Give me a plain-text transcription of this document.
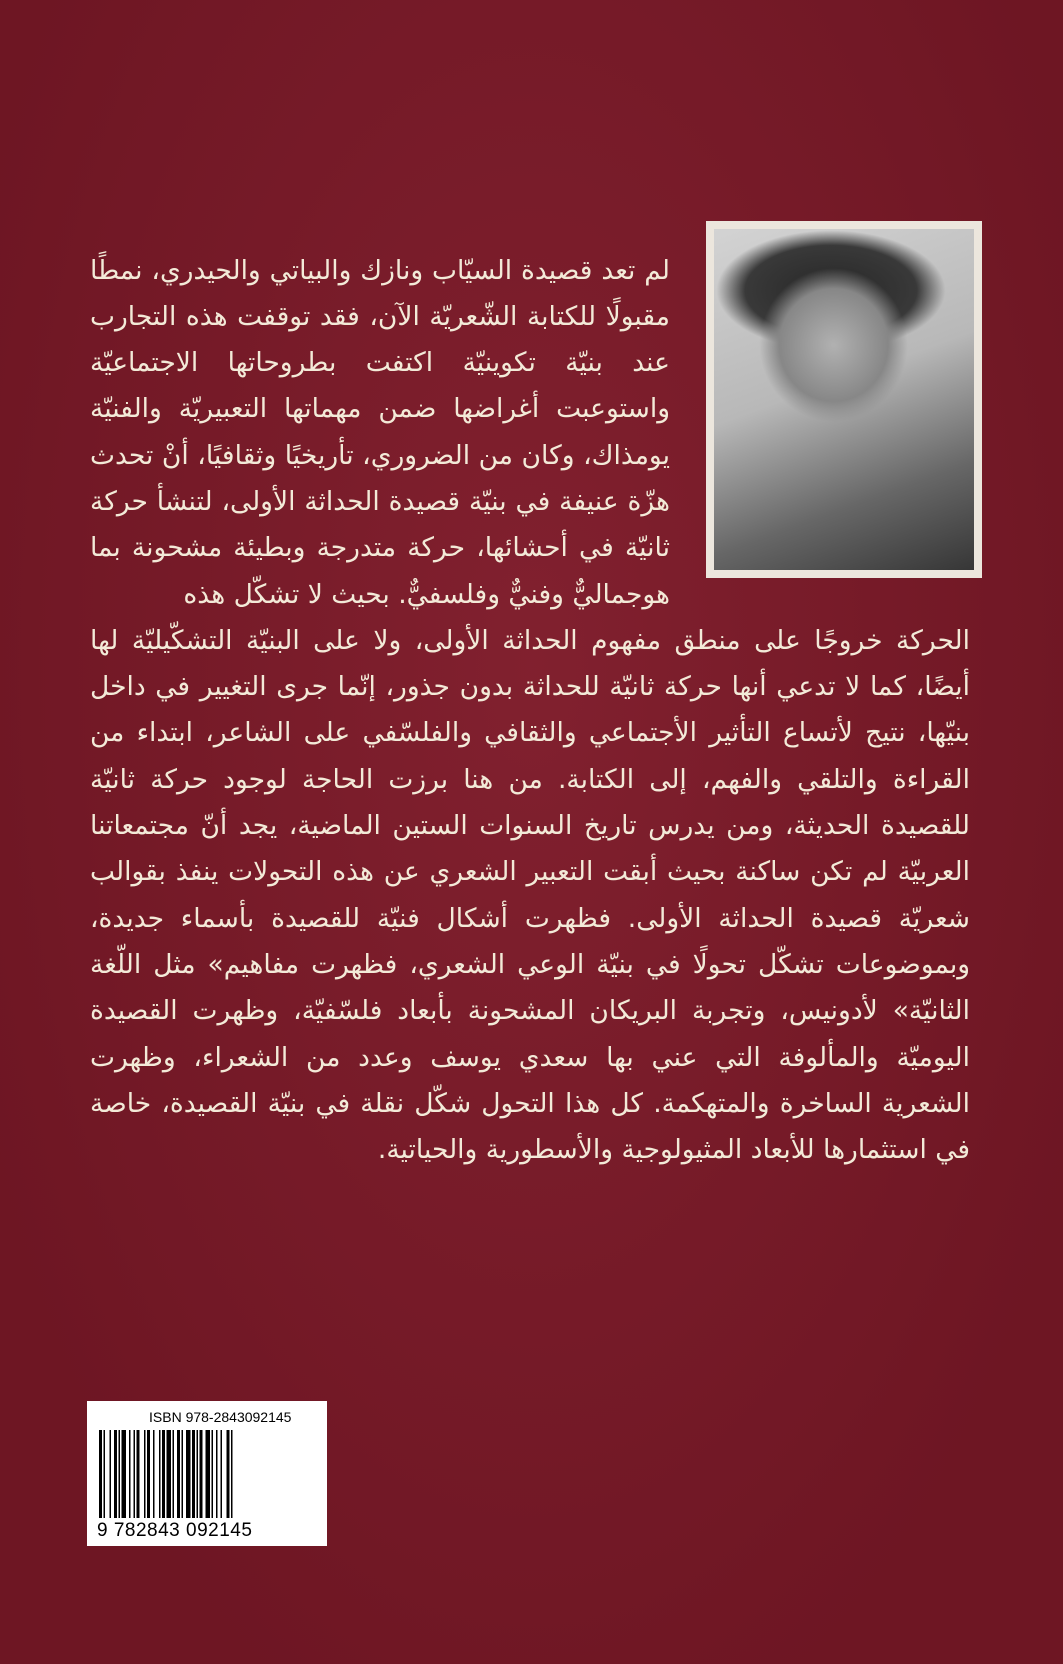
لم تعد قصيدة السيّاب ونازك والبياتي والحيدري، نمطًا مقبولًا للكتابة الشّعريّة الآن، فقد توقفت هذه التجارب عند بنيّة تكوينيّة اكتفت بطروحاتها الاجتماعيّة واستوعبت أغراضها ضمن مهماتها التعبيريّة والفنيّة يومذاك، وكان من الضروري، تأريخيًا وثقافيًا، أنْ تحدث هزّة عنيفة في بنيّة قصيدة الحداثة الأولى، لتنشأ حركة ثانيّة في أحشائها، حركة متدرجة وبطيئة مشحونة بما هوجماليٌّ وفنيٌّ وفلسفيٌّ. بحيث لا تشكّل هذه

الحركة خروجًا على منطق مفهوم الحداثة الأولى، ولا على البنيّة التشكّيليّة لها أيضًا، كما لا تدعي أنها حركة ثانيّة للحداثة بدون جذور، إنّما جرى التغيير في داخل بنيّها، نتيج لأتساع التأثير الأجتماعي والثقافي والفلسّفي على الشاعر، ابتداء من القراءة والتلقي والفهم، إلى الكتابة. من هنا برزت الحاجة لوجود حركة ثانيّة للقصيدة الحديثة، ومن يدرس تاريخ السنوات الستين الماضية، يجد أنّ مجتمعاتنا العربيّة لم تكن ساكنة بحيث أبقت التعبير الشعري عن هذه التحولات ينفذ بقوالب شعريّة قصيدة الحداثة الأولى. فظهرت أشكال فنيّة للقصيدة بأسماء جديدة، وبموضوعات تشكّل تحولًا في بنيّة الوعي الشعري، فظهرت مفاهيم» مثل اللّغة الثانيّة» لأدونيس، وتجربة البريكان المشحونة بأبعاد فلسّفيّة، وظهرت القصيدة اليوميّة والمألوفة التي عني بها سعدي يوسف وعدد من الشعراء، وظهرت الشعرية الساخرة والمتهكمة. كل هذا التحول شكّل نقلة في بنيّة القصيدة، خاصة في استثمارها للأبعاد المثيولوجية والأسطورية والحياتية.

ISBN 978-2843092145
9 782843 092145
